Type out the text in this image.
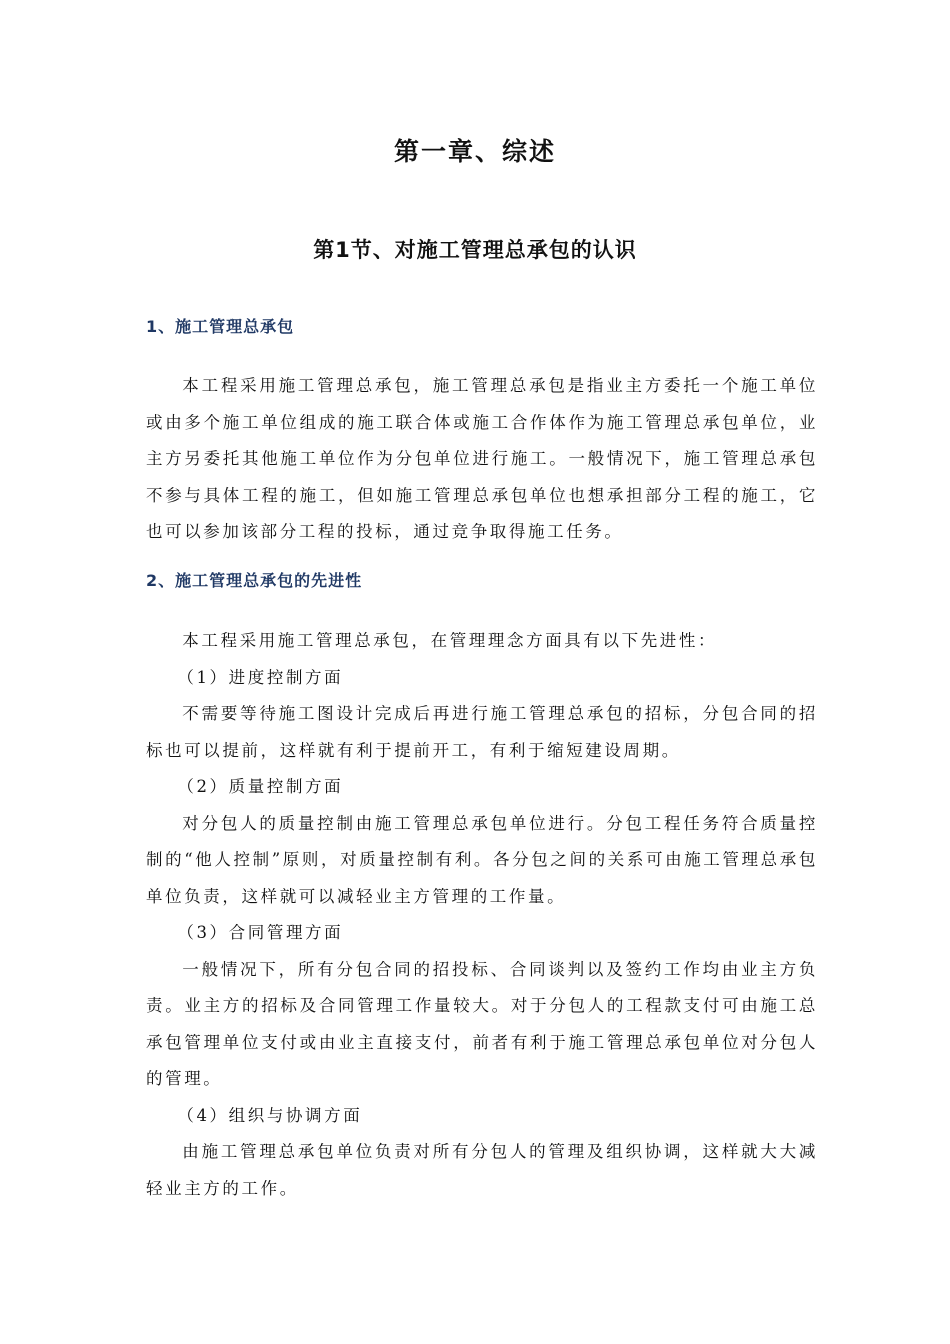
第一章、综述
第1节、对施工管理总承包的认识
1、施工管理总承包

本工程采用施工管理总承包，施工管理总承包是指业主方委托一个施工单位或由多个施工单位组成的施工联合体或施工合作体作为施工管理总承包单位，业主方另委托其他施工单位作为分包单位进行施工。一般情况下，施工管理总承包不参与具体工程的施工，但如施工管理总承包单位也想承担部分工程的施工，它也可以参加该部分工程的投标，通过竞争取得施工任务。

2、施工管理总承包的先进性

本工程采用施工管理总承包，在管理理念方面具有以下先进性：

（1）进度控制方面

不需要等待施工图设计完成后再进行施工管理总承包的招标，分包合同的招标也可以提前，这样就有利于提前开工，有利于缩短建设周期。

（2）质量控制方面

对分包人的质量控制由施工管理总承包单位进行。分包工程任务符合质量控制的“他人控制”原则，对质量控制有利。各分包之间的关系可由施工管理总承包单位负责，这样就可以减轻业主方管理的工作量。

（3）合同管理方面

一般情况下，所有分包合同的招投标、合同谈判以及签约工作均由业主方负责。业主方的招标及合同管理工作量较大。对于分包人的工程款支付可由施工总承包管理单位支付或由业主直接支付，前者有利于施工管理总承包单位对分包人的管理。

（4）组织与协调方面

由施工管理总承包单位负责对所有分包人的管理及组织协调，这样就大大减轻业主方的工作。
